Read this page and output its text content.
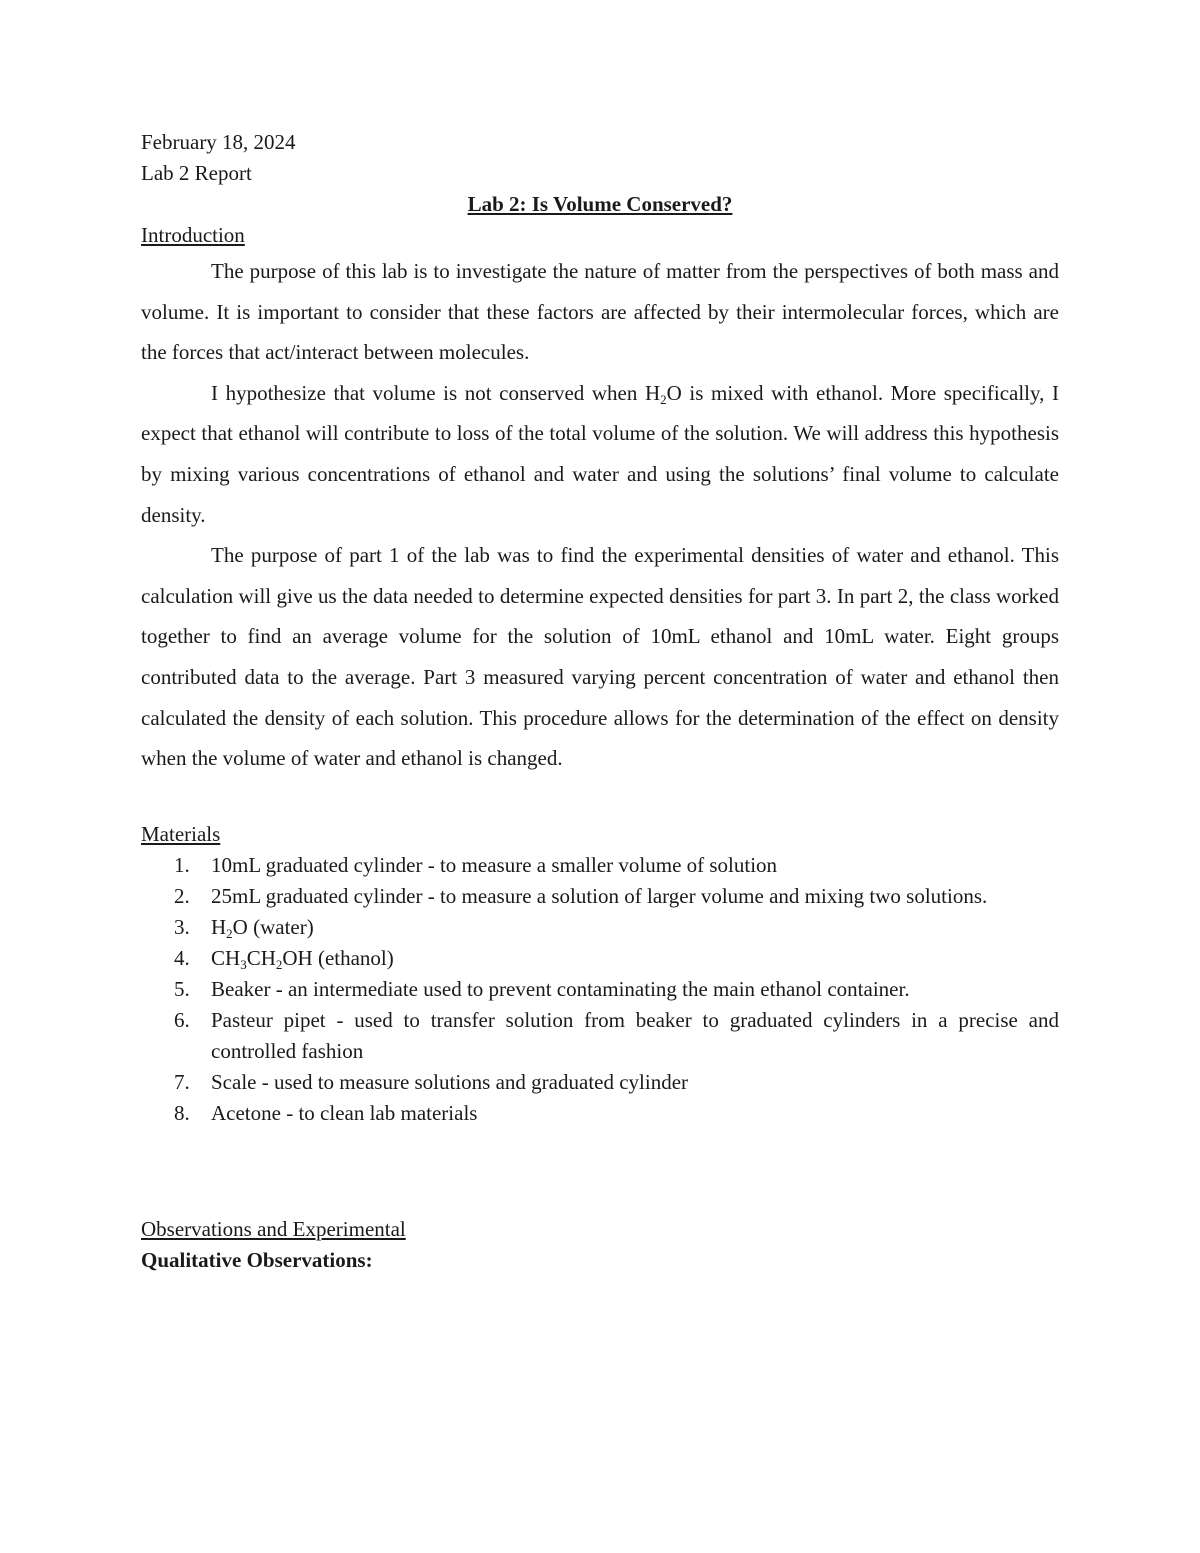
February 18, 2024

Lab 2 Report

Lab 2: Is Volume Conserved?

Introduction

The purpose of this lab is to investigate the nature of matter from the perspectives of both mass and volume. It is important to consider that these factors are affected by their intermolecular forces, which are the forces that act/interact between molecules.

I hypothesize that volume is not conserved when $H_2O$ is mixed with ethanol. More specifically, I expect that ethanol will contribute to loss of the total volume of the solution. We will address this hypothesis by mixing various concentrations of ethanol and water and using the solutions’ final volume to calculate density.

The purpose of part 1 of the lab was to find the experimental densities of water and ethanol. This calculation will give us the data needed to determine expected densities for part 3. In part 2, the class worked together to find an average volume for the solution of 10mL ethanol and 10mL water. Eight groups contributed data to the average. Part 3 measured varying percent concentration of water and ethanol then calculated the density of each solution. This procedure allows for the determination of the effect on density when the volume of water and ethanol is changed.

Materials

1.	10mL graduated cylinder - to measure a smaller volume of solution
2.	25mL graduated cylinder - to measure a solution of larger volume and mixing two solutions.
3.	$H_2O$ (water)
4.	$CH_3CH_2OH$ (ethanol)
5.	Beaker - an intermediate used to prevent contaminating the main ethanol container.
6.	Pasteur pipet - used to transfer solution from beaker to graduated cylinders in a precise and controlled fashion
7.	Scale - used to measure solutions and graduated cylinder
8.	Acetone - to clean lab materials

Observations and Experimental

Qualitative Observations:
